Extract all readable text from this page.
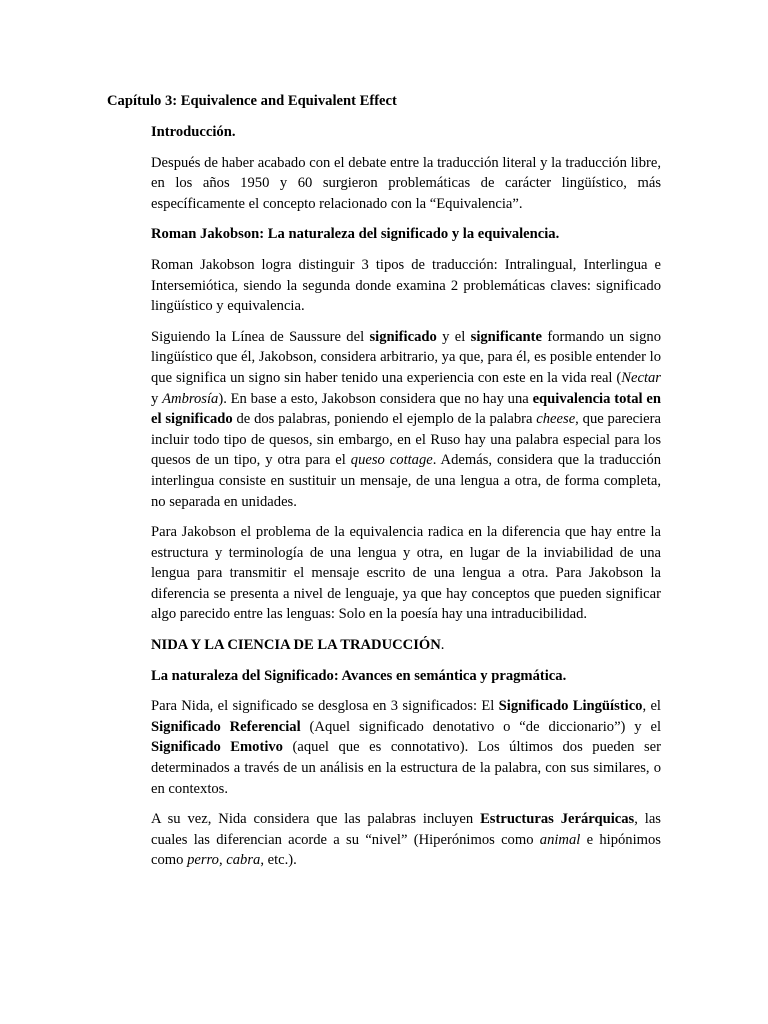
Capítulo 3: Equivalence and Equivalent Effect

Introducción.

Después de haber acabado con el debate entre la traducción literal y la traducción libre, en los años 1950 y 60 surgieron problemáticas de carácter lingüístico, más específicamente el concepto relacionado con la “Equivalencia”.

Roman Jakobson: La naturaleza del significado y la equivalencia.

Roman Jakobson logra distinguir 3 tipos de traducción: Intralingual, Interlingua e Intersemiótica, siendo la segunda donde examina 2 problemáticas claves: significado lingüístico y equivalencia.

Siguiendo la Línea de Saussure del significado y el significante formando un signo lingüístico que él, Jakobson, considera arbitrario, ya que, para él, es posible entender lo que significa un signo sin haber tenido una experiencia con este en la vida real (Nectar y Ambrosía). En base a esto, Jakobson considera que no hay una equivalencia total en el significado de dos palabras, poniendo el ejemplo de la palabra cheese, que pareciera incluir todo tipo de quesos, sin embargo, en el Ruso hay una palabra especial para los quesos de un tipo, y otra para el queso cottage. Además, considera que la traducción interlingua consiste en sustituir un mensaje, de una lengua a otra, de forma completa, no separada en unidades.

Para Jakobson el problema de la equivalencia radica en la diferencia que hay entre la estructura y terminología de una lengua y otra, en lugar de la inviabilidad de una lengua para transmitir el mensaje escrito de una lengua a otra. Para Jakobson la diferencia se presenta a nivel de lenguaje, ya que hay conceptos que pueden significar algo parecido entre las lenguas: Solo en la poesía hay una intraducibilidad.

NIDA Y LA CIENCIA DE LA TRADUCCIÓN.

La naturaleza del Significado: Avances en semántica y pragmática.

Para Nida, el significado se desglosa en 3 significados: El Significado Lingüístico, el Significado Referencial (Aquel significado denotativo o “de diccionario”) y el Significado Emotivo (aquel que es connotativo). Los últimos dos pueden ser determinados a través de un análisis en la estructura de la palabra, con sus similares, o en contextos.

A su vez, Nida considera que las palabras incluyen Estructuras Jerárquicas, las cuales las diferencian acorde a su “nivel” (Hiperónimos como animal e hipónimos como perro, cabra, etc.).
